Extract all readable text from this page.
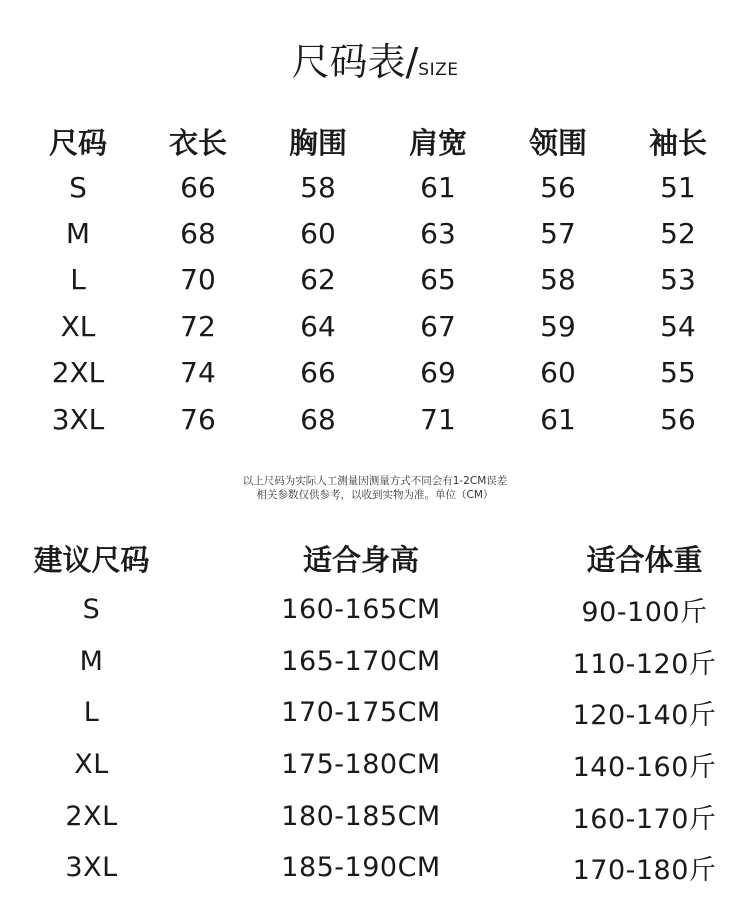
尺码表/SIZE
尺码	衣长	胸围	肩宽	领围	袖长
S	66	58	61	56	51
M	68	60	63	57	52
L	70	62	65	58	53
XL	72	64	67	59	54
2XL	74	66	69	60	55
3XL	76	68	71	61	56
以上尺码为实际人工测量因测量方式不同会有1-2CM误差
相关参数仅供参考，以收到实物为准。单位（CM）
建议尺码	适合身高	适合体重
S	160-165CM	90-100斤
M	165-170CM	110-120斤
L	170-175CM	120-140斤
XL	175-180CM	140-160斤
2XL	180-185CM	160-170斤
3XL	185-190CM	170-180斤
